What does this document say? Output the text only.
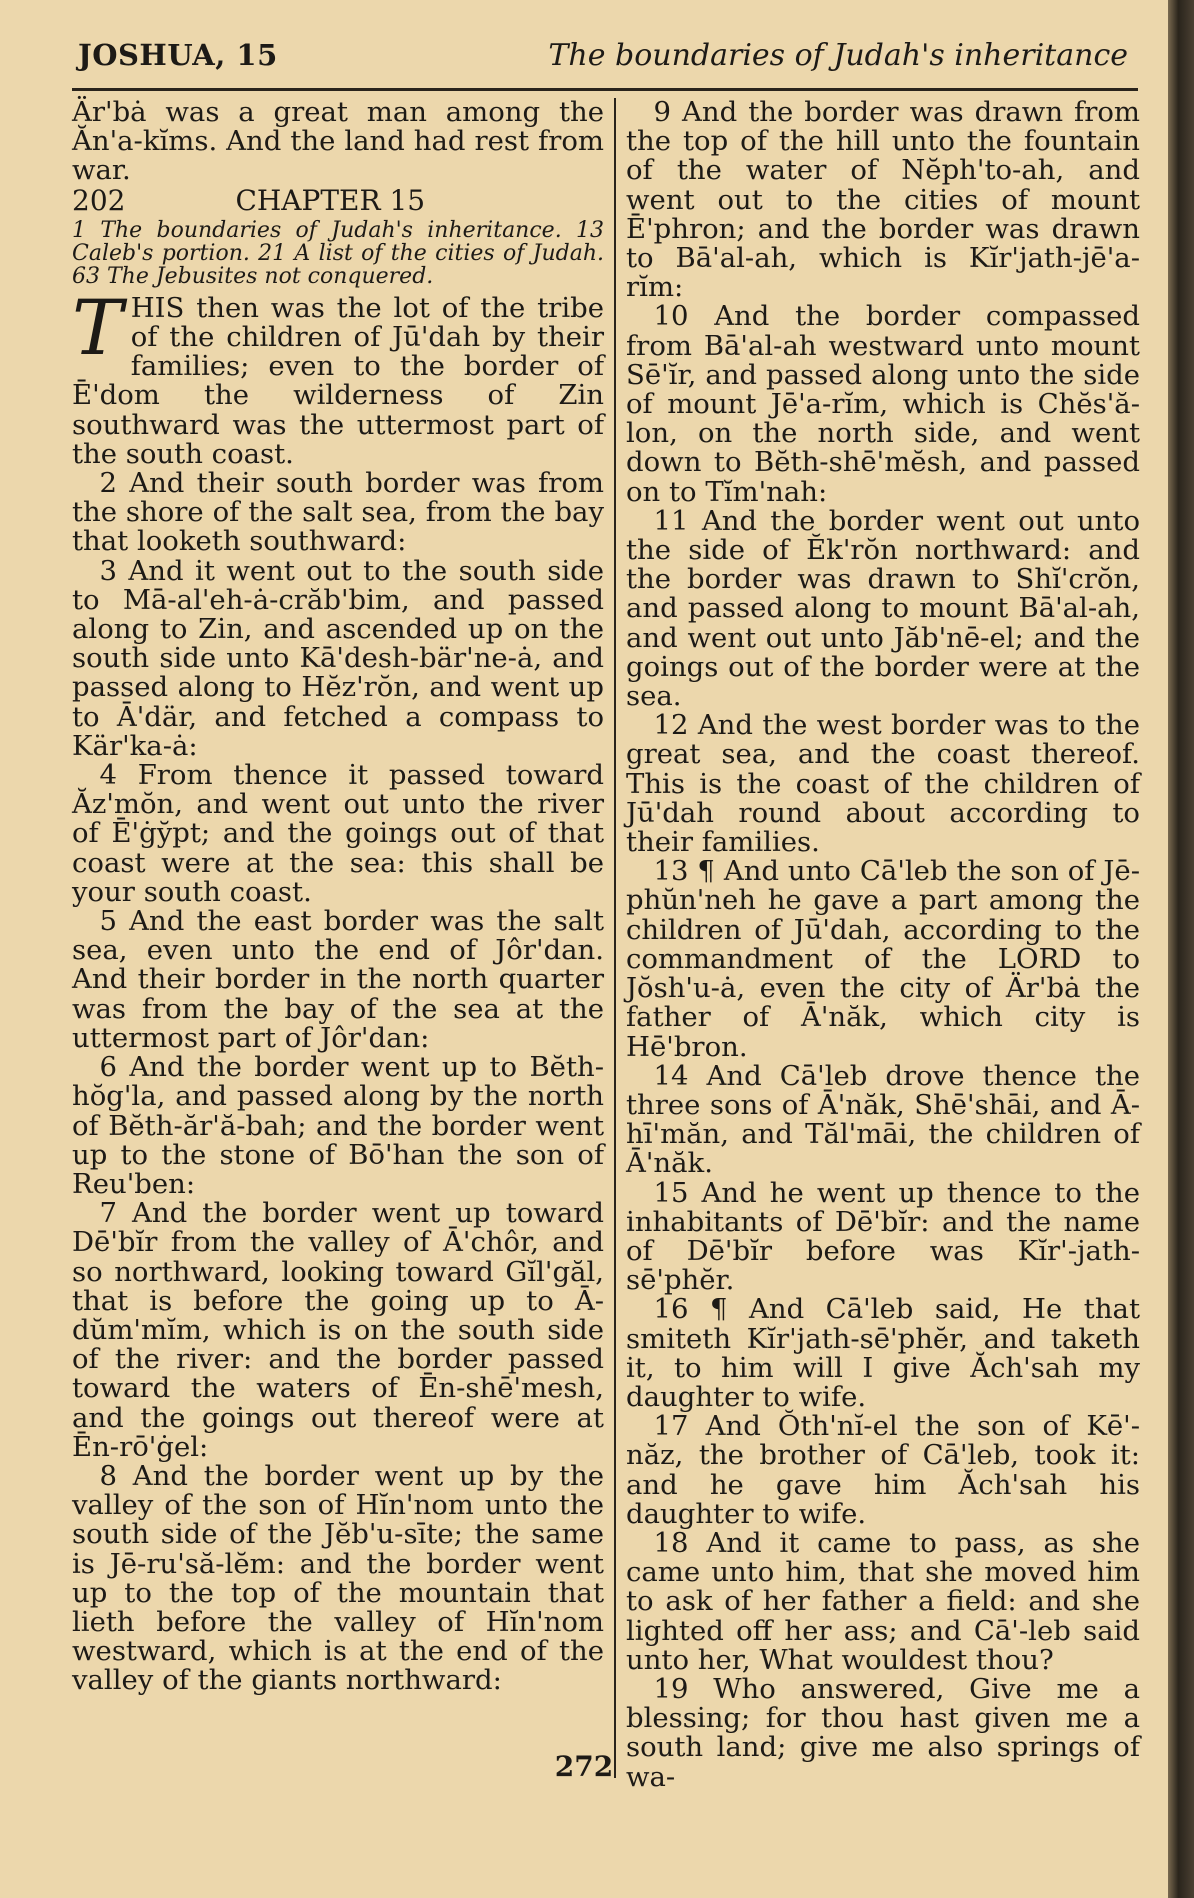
JOSHUA, 15	The boundaries of Judah's inheritance

Är'bȧ was a great man among the Ăn'a-kĭms. And the land had rest from war.

202	CHAPTER 15
1 The boundaries of Judah's inheritance. 13 Caleb's portion. 21 A list of the cities of Judah. 63 The Jebusites not conquered.

THIS then was the lot of the tribe of the children of Jū'dah by their families; even to the border of Ē'dom the wilderness of Zin southward was the uttermost part of the south coast.

2 And their south border was from the shore of the salt sea, from the bay that looketh southward:

3 And it went out to the south side to Mā-al'eh-ȧ-crăb'bim, and passed along to Zin, and ascended up on the south side unto Kā'desh-bär'ne-ȧ, and passed along to Hĕz'rŏn, and went up to Ā'där, and fetched a compass to Kär'ka-ȧ:

4 From thence it passed toward Ăz'mŏn, and went out unto the river of Ē'ġy̆pt; and the goings out of that coast were at the sea: this shall be your south coast.

5 And the east border was the salt sea, even unto the end of Jôr'dan. And their border in the north quarter was from the bay of the sea at the uttermost part of Jôr'dan:

6 And the border went up to Bĕth-hŏg'la, and passed along by the north of Bĕth-ăr'ă-bah; and the border went up to the stone of Bō'han the son of Reu'ben:

7 And the border went up toward Dē'bĭr from the valley of Ā'chôr, and so northward, looking toward Gĭl'găl, that is before the going up to Ā-dŭm'mĭm, which is on the south side of the river: and the border passed toward the waters of Ēn-shē'mesh, and the goings out thereof were at Ēn-rō'ġel:

8 And the border went up by the valley of the son of Hĭn'nom unto the south side of the Jĕb'u-sīte; the same is Jē-ru'să-lĕm: and the border went up to the top of the mountain that lieth before the valley of Hĭn'nom westward, which is at the end of the valley of the giants northward:

9 And the border was drawn from the top of the hill unto the fountain of the water of Nĕph'to-ah, and went out to the cities of mount Ē'phron; and the border was drawn to Bā'al-ah, which is Kĭr'jath-jē'a-rĭm:

10 And the border compassed from Bā'al-ah westward unto mount Sē'ĭr, and passed along unto the side of mount Jē'a-rĭm, which is Chĕs'ă-lon, on the north side, and went down to Bĕth-shē'mĕsh, and passed on to Tĭm'nah:

11 And the border went out unto the side of Ĕk'rŏn northward: and the border was drawn to Shĭ'crŏn, and passed along to mount Bā'al-ah, and went out unto Jăb'nē-el; and the goings out of the border were at the sea.

12 And the west border was to the great sea, and the coast thereof. This is the coast of the children of Jū'dah round about according to their families.

13 ¶ And unto Cā'leb the son of Jē-phŭn'neh he gave a part among the children of Jū'dah, according to the commandment of the LORD to Jŏsh'u-ȧ, even the city of Är'bȧ the father of Ā'năk, which city is Hē'bron.

14 And Cā'leb drove thence the three sons of Ā'năk, Shē'shāi, and Ā-hī'măn, and Tăl'māi, the children of Ā'năk.

15 And he went up thence to the inhabitants of Dē'bĭr: and the name of Dē'bĭr before was Kĭr'-jath-sē'phĕr.

16 ¶ And Cā'leb said, He that smiteth Kĭr'jath-sē'phĕr, and taketh it, to him will I give Ăch'sah my daughter to wife.

17 And Ŏth'nĭ-el the son of Kē'-năz, the brother of Cā'leb, took it: and he gave him Ăch'sah his daughter to wife.

18 And it came to pass, as she came unto him, that she moved him to ask of her father a field: and she lighted off her ass; and Cā'-leb said unto her, What wouldest thou?

19 Who answered, Give me a blessing; for thou hast given me a south land; give me also springs of wa-

272
